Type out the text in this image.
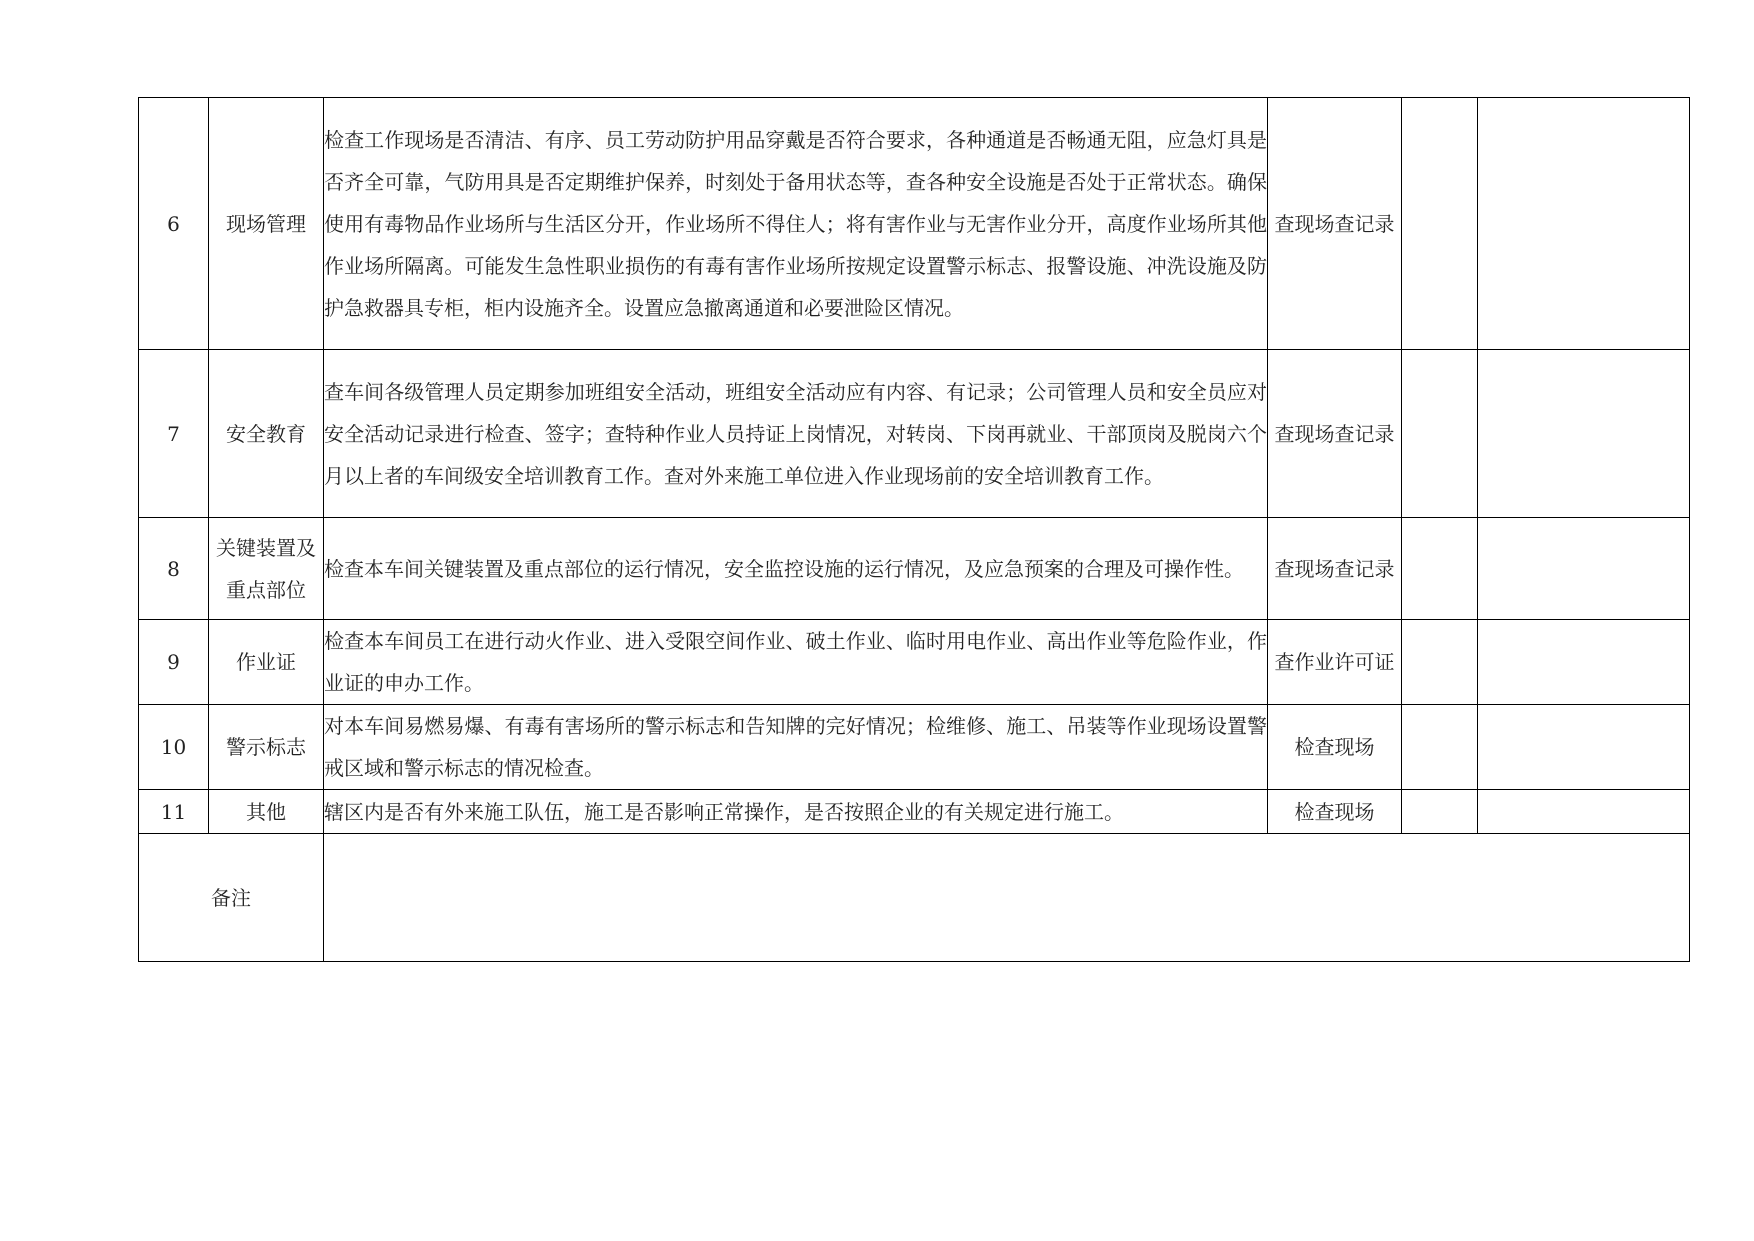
6	现场管理	检查工作现场是否清洁、有序、员工劳动防护用品穿戴是否符合要求，各种通道是否畅通无阻，应急灯具是否齐全可靠，气防用具是否定期维护保养，时刻处于备用状态等，查各种安全设施是否处于正常状态。确保使用有毒物品作业场所与生活区分开，作业场所不得住人；将有害作业与无害作业分开，高度作业场所其他作业场所隔离。可能发生急性职业损伤的有毒有害作业场所按规定设置警示标志、报警设施、冲洗设施及防护急救器具专柜，柜内设施齐全。设置应急撤离通道和必要泄险区情况。	查现场查记录		
7	安全教育	查车间各级管理人员定期参加班组安全活动，班组安全活动应有内容、有记录；公司管理人员和安全员应对安全活动记录进行检查、签字；查特种作业人员持证上岗情况，对转岗、下岗再就业、干部顶岗及脱岗六个月以上者的车间级安全培训教育工作。查对外来施工单位进入作业现场前的安全培训教育工作。	查现场查记录		
8	关键装置及重点部位	检查本车间关键装置及重点部位的运行情况，安全监控设施的运行情况，及应急预案的合理及可操作性。	查现场查记录		
9	作业证	检查本车间员工在进行动火作业、进入受限空间作业、破土作业、临时用电作业、高出作业等危险作业，作业证的申办工作。	查作业许可证		
10	警示标志	对本车间易燃易爆、有毒有害场所的警示标志和告知牌的完好情况；检维修、施工、吊装等作业现场设置警戒区域和警示标志的情况检查。	检查现场		
11	其他	辖区内是否有外来施工队伍，施工是否影响正常操作，是否按照企业的有关规定进行施工。	检查现场		
备注					
